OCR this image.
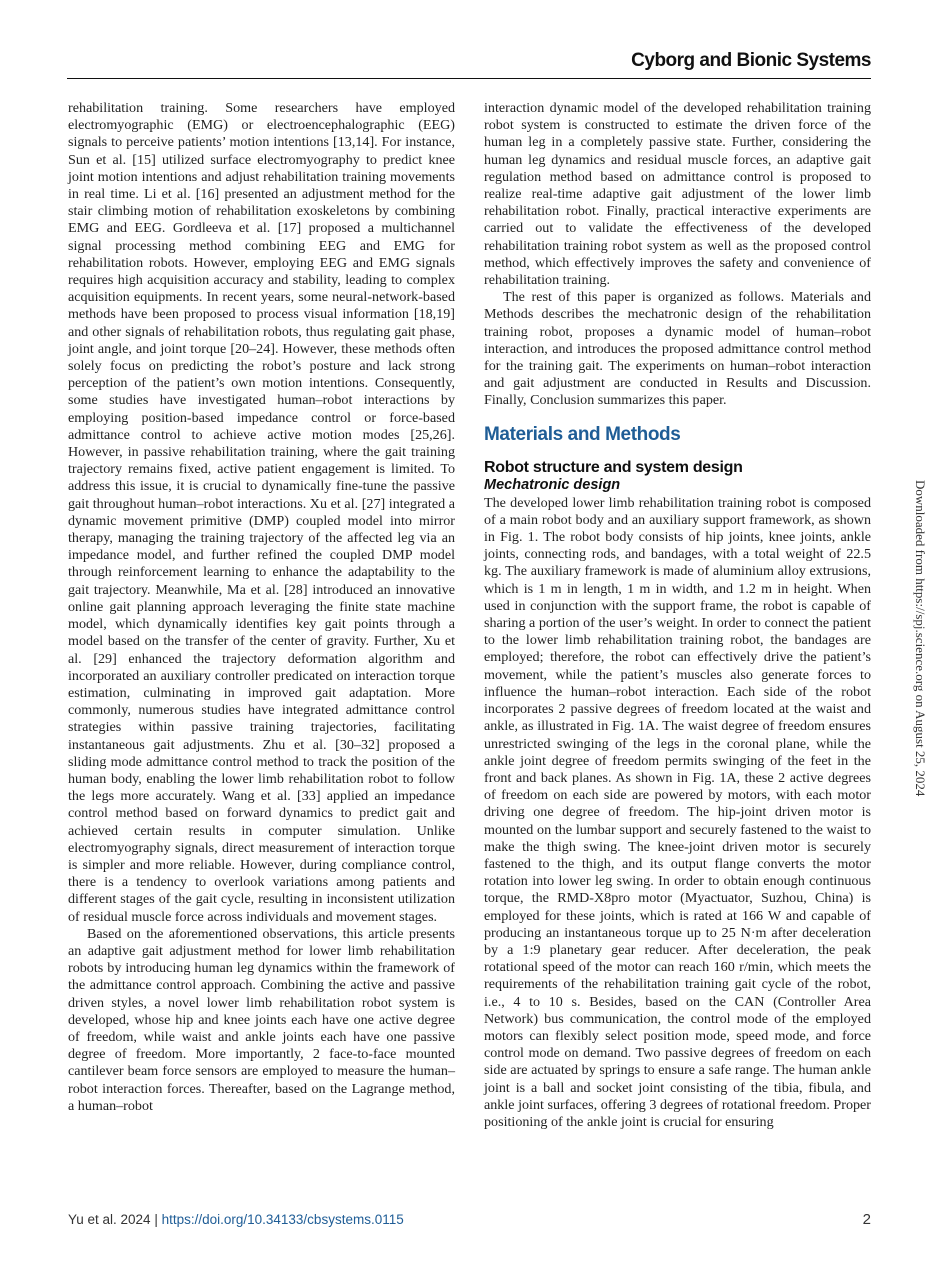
Cyborg and Bionic Systems

rehabilitation training. Some researchers have employed electromyographic (EMG) or electroencephalographic (EEG) signals to perceive patients’ motion intentions [13,14]. For instance, Sun et al. [15] utilized surface electromyography to predict knee joint motion intentions and adjust rehabilitation training movements in real time. Li et al. [16] presented an adjustment method for the stair climbing motion of rehabilitation exoskeletons by combining EMG and EEG. Gordleeva et al. [17] proposed a multichannel signal processing method combining EEG and EMG for rehabilitation robots. However, employing EEG and EMG signals requires high acquisition accuracy and stability, leading to complex acquisition equipments. In recent years, some neural-network-based methods have been proposed to process visual information [18,19] and other signals of rehabilitation robots, thus regulating gait phase, joint angle, and joint torque [20–24]. However, these methods often solely focus on predicting the robot’s posture and lack strong perception of the patient’s own motion intentions. Consequently, some studies have investigated human–robot interactions by employing position-based impedance control or force-based admittance control to achieve active motion modes [25,26]. However, in passive rehabilitation training, where the gait training trajectory remains fixed, active patient engagement is limited. To address this issue, it is crucial to dynamically fine-tune the passive gait throughout human–robot interactions. Xu et al. [27] integrated a dynamic movement primitive (DMP) coupled model into mirror therapy, managing the training trajectory of the affected leg via an impedance model, and further refined the coupled DMP model through reinforcement learning to enhance the adaptability to the gait trajectory. Meanwhile, Ma et al. [28] introduced an innovative online gait planning approach leveraging the finite state machine model, which dynamically identifies key gait points through a model based on the transfer of the center of gravity. Further, Xu et al. [29] enhanced the trajectory deformation algorithm and incorporated an auxiliary controller predicated on interaction torque estimation, culminating in improved gait adaptation. More commonly, numerous studies have integrated admittance control strategies within passive training trajectories, facilitating instantaneous gait adjustments. Zhu et al. [30–32] proposed a sliding mode admittance control method to track the position of the human body, enabling the lower limb rehabilitation robot to follow the legs more accurately. Wang et al. [33] applied an impedance control method based on forward dynamics to predict gait and achieved certain results in computer simulation. Unlike electromyography signals, direct measurement of interaction torque is simpler and more reliable. However, during compliance control, there is a tendency to overlook variations among patients and different stages of the gait cycle, resulting in inconsistent utilization of residual muscle force across individuals and movement stages.

Based on the aforementioned observations, this article presents an adaptive gait adjustment method for lower limb rehabilitation robots by introducing human leg dynamics within the framework of the admittance control approach. Combining the active and passive driven styles, a novel lower limb rehabilitation robot system is developed, whose hip and knee joints each have one active degree of freedom, while waist and ankle joints each have one passive degree of freedom. More importantly, 2 face-to-face mounted cantilever beam force sensors are employed to measure the human–robot interaction forces. Thereafter, based on the Lagrange method, a human–robot

interaction dynamic model of the developed rehabilitation training robot system is constructed to estimate the driven force of the human leg in a completely passive state. Further, considering the human leg dynamics and residual muscle forces, an adaptive gait regulation method based on admittance control is proposed to realize real-time adaptive gait adjustment of the lower limb rehabilitation robot. Finally, practical interactive experiments are carried out to validate the effectiveness of the developed rehabilitation training robot system as well as the proposed control method, which effectively improves the safety and convenience of rehabilitation training.

The rest of this paper is organized as follows. Materials and Methods describes the mechatronic design of the rehabilitation training robot, proposes a dynamic model of human–robot interaction, and introduces the proposed admittance control method for the training gait. The experiments on human–robot interaction and gait adjustment are conducted in Results and Discussion. Finally, Conclusion summarizes this paper.

Materials and Methods
Robot structure and system design
Mechatronic design

The developed lower limb rehabilitation training robot is composed of a main robot body and an auxiliary support framework, as shown in Fig. 1. The robot body consists of hip joints, knee joints, ankle joints, connecting rods, and bandages, with a total weight of 22.5 kg. The auxiliary framework is made of aluminium alloy extrusions, which is 1 m in length, 1 m in width, and 1.2 m in height. When used in conjunction with the support frame, the robot is capable of sharing a portion of the user’s weight. In order to connect the patient to the lower limb rehabilitation training robot, the bandages are employed; therefore, the robot can effectively drive the patient’s movement, while the patient’s muscles also generate forces to influence the human–robot interaction. Each side of the robot incorporates 2 passive degrees of freedom located at the waist and ankle, as illustrated in Fig. 1A. The waist degree of freedom ensures unrestricted swinging of the legs in the coronal plane, while the ankle joint degree of freedom permits swinging of the feet in the front and back planes. As shown in Fig. 1A, these 2 active degrees of freedom on each side are powered by motors, with each motor driving one degree of freedom. The hip-joint driven motor is mounted on the lumbar support and securely fastened to the waist to make the thigh swing. The knee-joint driven motor is securely fastened to the thigh, and its output flange converts the motor rotation into lower leg swing. In order to obtain enough continuous torque, the RMD-X8pro motor (Myactuator, Suzhou, China) is employed for these joints, which is rated at 166 W and capable of producing an instantaneous torque up to 25 N·m after deceleration by a 1:9 planetary gear reducer. After deceleration, the peak rotational speed of the motor can reach 160 r/min, which meets the requirements of the rehabilitation training gait cycle of the robot, i.e., 4 to 10 s. Besides, based on the CAN (Controller Area Network) bus communication, the control mode of the employed motors can flexibly select position mode, speed mode, and force control mode on demand. Two passive degrees of freedom on each side are actuated by springs to ensure a safe range. The human ankle joint is a ball and socket joint consisting of the tibia, fibula, and ankle joint surfaces, offering 3 degrees of rotational freedom. Proper positioning of the ankle joint is crucial for ensuring

Downloaded from https://spj.science.org on August 25, 2024
Yu et al. 2024 | https://doi.org/10.34133/cbsystems.0115	2
